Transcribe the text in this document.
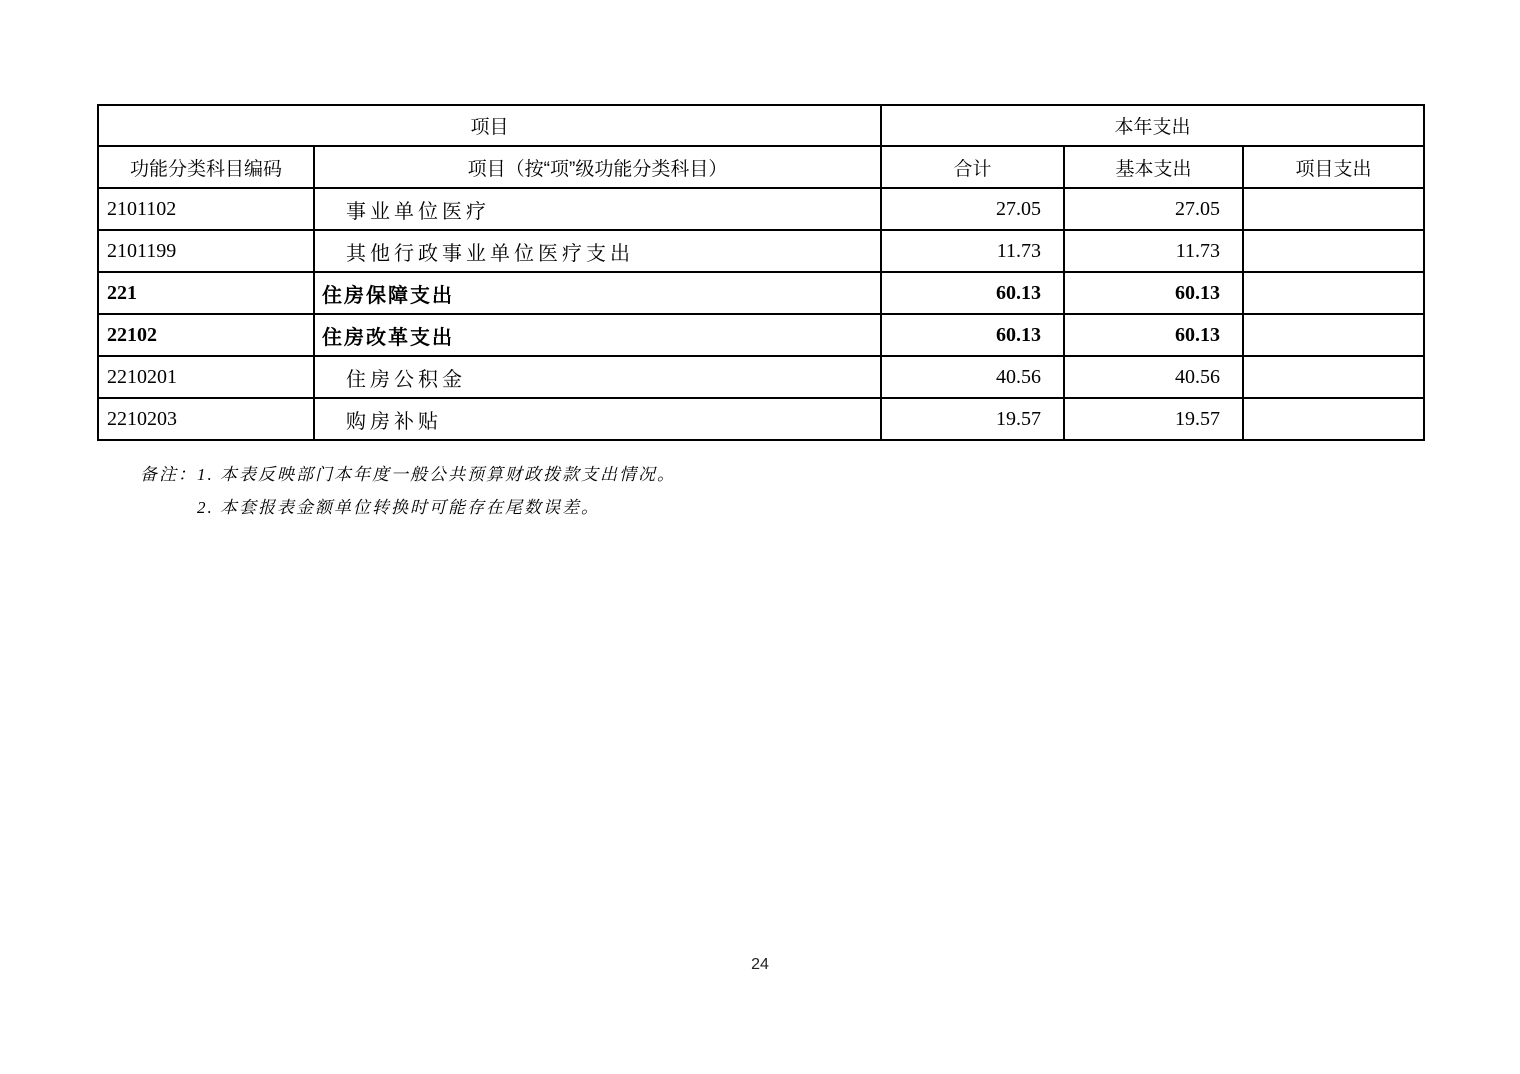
项目		本年支出		
功能分类科目编码	项目（按“项”级功能分类科目）	合计	基本支出	项目支出
2101102	事业单位医疗	27.05	27.05	
2101199	其他行政事业单位医疗支出	11.73	11.73	
221	住房保障支出	60.13	60.13	
22102	住房改革支出	60.13	60.13	
2210201	住房公积金	40.56	40.56	
2210203	购房补贴	19.57	19.57	
备注：1. 本表反映部门本年度一般公共预算财政拨款支出情况。
2. 本套报表金额单位转换时可能存在尾数误差。
24
